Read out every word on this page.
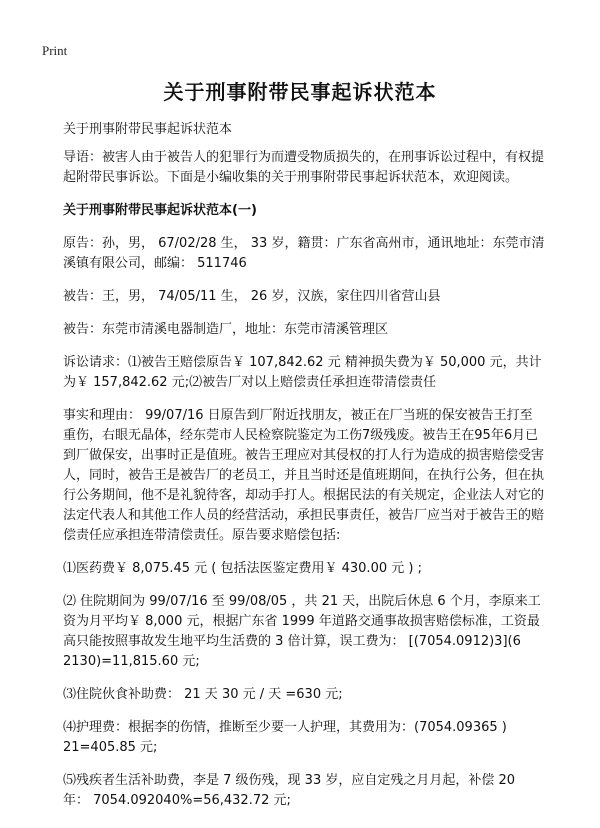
Print
关于刑事附带民事起诉状范本
关于刑事附带民事起诉状范本

导语：被害人由于被告人的犯罪行为而遭受物质损失的，在刑事诉讼过程中，有权提起附带民事诉讼。下面是小编收集的关于刑事附带民事起诉状范本，欢迎阅读。

关于刑事附带民事起诉状范本(一)

原告：孙，男， 67/02/28 生， 33 岁，籍贯：广东省高州市，通讯地址：东莞市清溪镇有限公司，邮编： 511746

被告：王，男， 74/05/11 生， 26 岁，汉族，家住四川省营山县

被告：东莞市清溪电器制造厂，地址：东莞市清溪管理区

诉讼请求：⑴被告王赔偿原告￥ 107,842.62 元 精神损失费为￥ 50,000 元，共计为￥ 157,842.62 元;⑵被告厂对以上赔偿责任承担连带清偿责任

事实和理由： 99/07/16 日原告到厂附近找朋友，被正在厂当班的保安被告王打至重伤，右眼无晶体，经东莞市人民检察院鉴定为工伤7级残废。被告王在95年6月已到厂做保安，出事时正是值班。被告王理应对其侵权的打人行为造成的损害赔偿受害人，同时，被告王是被告厂的老员工，并且当时还是值班期间，在执行公务，但在执行公务期间，他不是礼貌待客，却动手打人。根据民法的有关规定，企业法人对它的法定代表人和其他工作人员的经营活动，承担民事责任，被告厂应当对于被告王的赔偿责任应承担连带清偿责任。原告要求赔偿包括:

⑴医药费￥ 8,075.45 元 ( 包括法医鉴定费用￥ 430.00 元 ) ;

⑵ 住院期间为 99/07/16 至 99/08/05 ，共 21 天，出院后休息 6 个月，李原来工资为月平均￥ 8,000 元，根据广东省 1999 年道路交通事故损害赔偿标准，工资最高只能按照事故发生地平均生活费的 3 倍计算，误工费为： [(7054.0912)3](6 2130)=11,815.60 元;

⑶住院伙食补助费： 21 天 30 元 / 天 =630 元;

⑷护理费：根据李的伤情，推断至少要一人护理，其费用为：(7054.09365 ) 21=405.85 元;

⑸残疾者生活补助费，李是 7 级伤残，现 33 岁，应自定残之月月起，补偿 20 年： 7054.092040%=56,432.72 元;
